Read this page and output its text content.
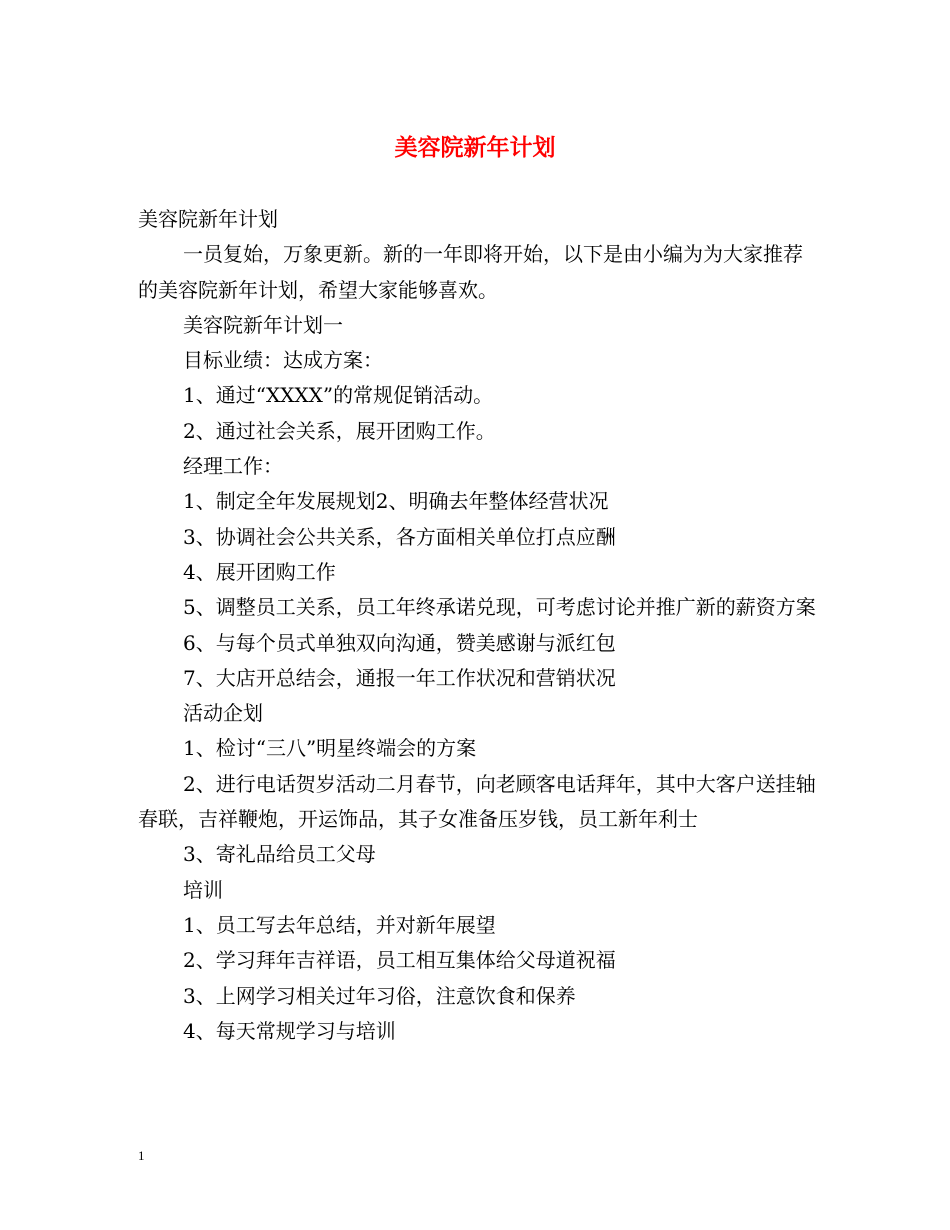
美容院新年计划

美容院新年计划

一员复始，万象更新。新的一年即将开始，以下是由小编为为大家推荐的美容院新年计划，希望大家能够喜欢。

美容院新年计划一

目标业绩：达成方案：

1、通过“XXXX”的常规促销活动。

2、通过社会关系，展开团购工作。

经理工作：

1、制定全年发展规划2、明确去年整体经营状况

3、协调社会公共关系，各方面相关单位打点应酬

4、展开团购工作

5、调整员工关系，员工年终承诺兑现，可考虑讨论并推广新的薪资方案

6、与每个员式单独双向沟通，赞美感谢与派红包

7、大店开总结会，通报一年工作状况和营销状况

活动企划

1、检讨“三八”明星终端会的方案

2、进行电话贺岁活动二月春节，向老顾客电话拜年，其中大客户送挂轴春联，吉祥鞭炮，开运饰品，其子女准备压岁钱，员工新年利士

3、寄礼品给员工父母

培训

1、员工写去年总结，并对新年展望

2、学习拜年吉祥语，员工相互集体给父母道祝福

3、上网学习相关过年习俗，注意饮食和保养

4、每天常规学习与培训

1
